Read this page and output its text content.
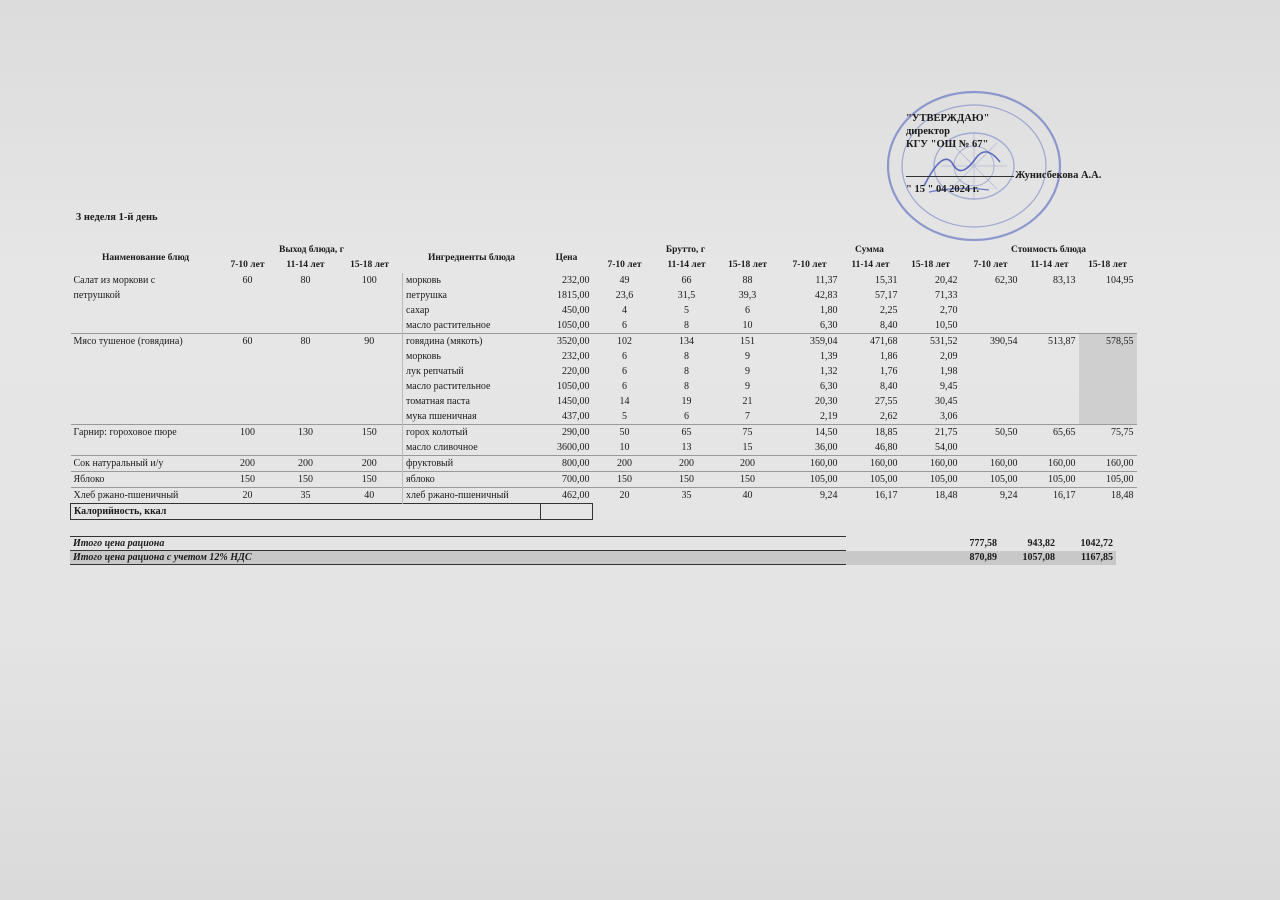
"УТВЕРЖДАЮ"
директор
КГУ "ОШ № 67"
Жунисбекова А.А.
" 15 " 04 2024 г.
3 неделя 1-й день
Наименование блюд	Выход блюда, г			Ингредиенты блюда	Цена	Брутто, г			Сумма			Стоимость блюда		
	7-10 лет	11-14 лет	15-18 лет			7-10 лет	11-14 лет	15-18 лет	7-10 лет	11-14 лет	15-18 лет	7-10 лет	11-14 лет	15-18 лет
Салат из моркови с	60	80	100	морковь	232,00	49	66	88	11,37	15,31	20,42	62,30	83,13	104,95
петрушкой				петрушка	1815,00	23,6	31,5	39,3	42,83	57,17	71,33			
				сахар	450,00	4	5	6	1,80	2,25	2,70			
				масло растительное	1050,00	6	8	10	6,30	8,40	10,50			
Мясо тушеное (говядина)	60	80	90	говядина (мякоть)	3520,00	102	134	151	359,04	471,68	531,52	390,54	513,87	578,55
				морковь	232,00	6	8	9	1,39	1,86	2,09			
				лук репчатый	220,00	6	8	9	1,32	1,76	1,98			
				масло растительное	1050,00	6	8	9	6,30	8,40	9,45			
				томатная паста	1450,00	14	19	21	20,30	27,55	30,45			
				мука пшеничная	437,00	5	6	7	2,19	2,62	3,06			
Гарнир: гороховое пюре	100	130	150	горох колотый	290,00	50	65	75	14,50	18,85	21,75	50,50	65,65	75,75
				масло сливочное	3600,00	10	13	15	36,00	46,80	54,00			
Сок натуральный и/у	200	200	200	фруктовый	800,00	200	200	200	160,00	160,00	160,00	160,00	160,00	160,00
Яблоко	150	150	150	яблоко	700,00	150	150	150	105,00	105,00	105,00	105,00	105,00	105,00
Хлеб ржано-пшеничный	20	35	40	хлеб ржано-пшеничный	462,00	20	35	40	9,24	16,17	18,48	9,24	16,17	18,48
Калорийность, ккал														
Итого цена рациона		777,58	943,82	1042,72
Итого цена рациона с учетом 12% НДС		870,89	1057,08	1167,85
